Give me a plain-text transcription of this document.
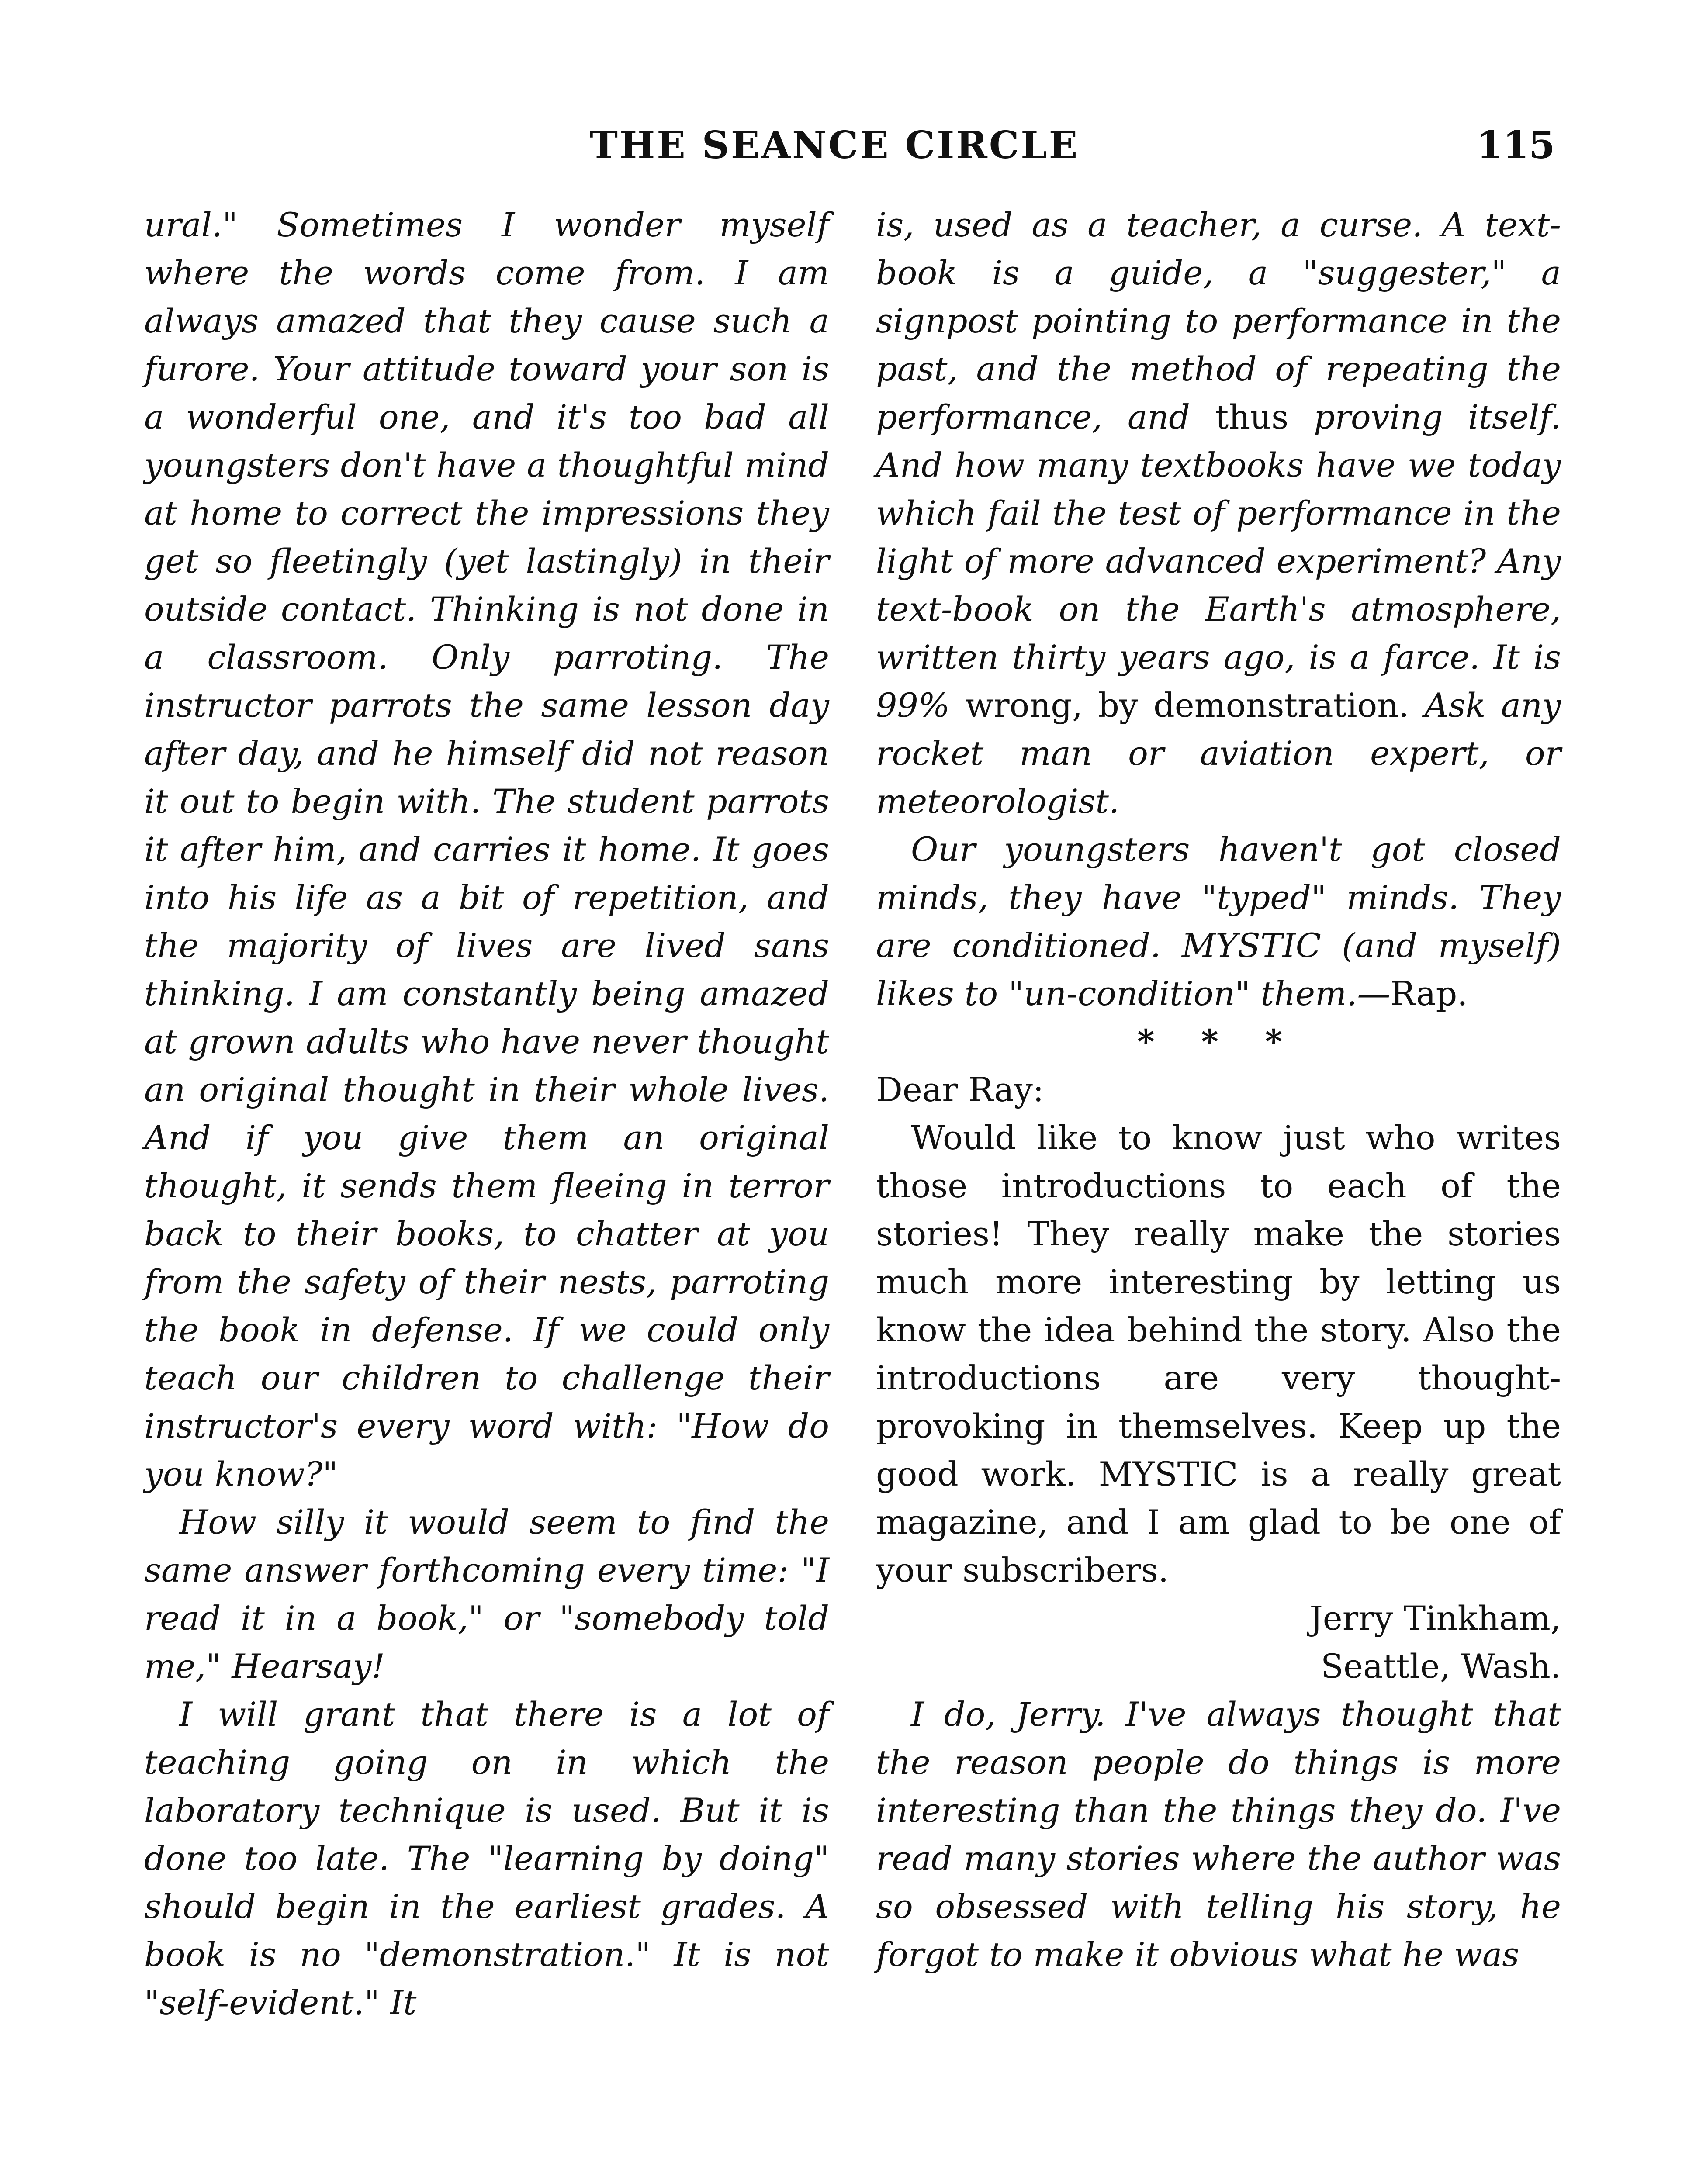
THE SEANCE CIRCLE	115

ural." Sometimes I wonder myself where the words come from. I am always amazed that they cause such a furore. Your attitude toward your son is a wonderful one, and it's too bad all youngsters don't have a thoughtful mind at home to correct the impressions they get so fleetingly (yet lastingly) in their outside contact. Thinking is not done in a classroom. Only parroting. The instructor parrots the same lesson day after day, and he himself did not reason it out to begin with. The student parrots it after him, and carries it home. It goes into his life as a bit of repetition, and the majority of lives are lived sans thinking. I am constantly being amazed at grown adults who have never thought an original thought in their whole lives. And if you give them an original thought, it sends them fleeing in terror back to their books, to chatter at you from the safety of their nests, parroting the book in defense. If we could only teach our children to challenge their instructor's every word with: "How do you know?"

How silly it would seem to find the same answer forthcoming every time: "I read it in a book," or "somebody told me," Hearsay!

I will grant that there is a lot of teaching going on in which the laboratory technique is used. But it is done too late. The "learning by doing" should begin in the earliest grades. A book is no "demonstration." It is not "self-evident." It

is, used as a teacher, a curse. A text-book is a guide, a "suggester," a signpost pointing to performance in the past, and the method of repeating the performance, and thus proving itself. And how many textbooks have we today which fail the test of performance in the light of more advanced experiment? Any text-book on the Earth's atmosphere, written thirty years ago, is a farce. It is 99% wrong, by demonstration. Ask any rocket man or aviation expert, or meteorologist.

Our youngsters haven't got closed minds, they have "typed" minds. They are conditioned. MYSTIC (and myself) likes to "un-condition" them.—Rap.

* * *

Dear Ray:

Would like to know just who writes those introductions to each of the stories! They really make the stories much more interesting by letting us know the idea behind the story. Also the introductions are very thought-provoking in themselves. Keep up the good work. MYSTIC is a really great magazine, and I am glad to be one of your subscribers.

Jerry Tinkham,

Seattle, Wash.

I do, Jerry. I've always thought that the reason people do things is more interesting than the things they do. I've read many stories where the author was so obsessed with telling his story, he forgot to make it obvious what he was
